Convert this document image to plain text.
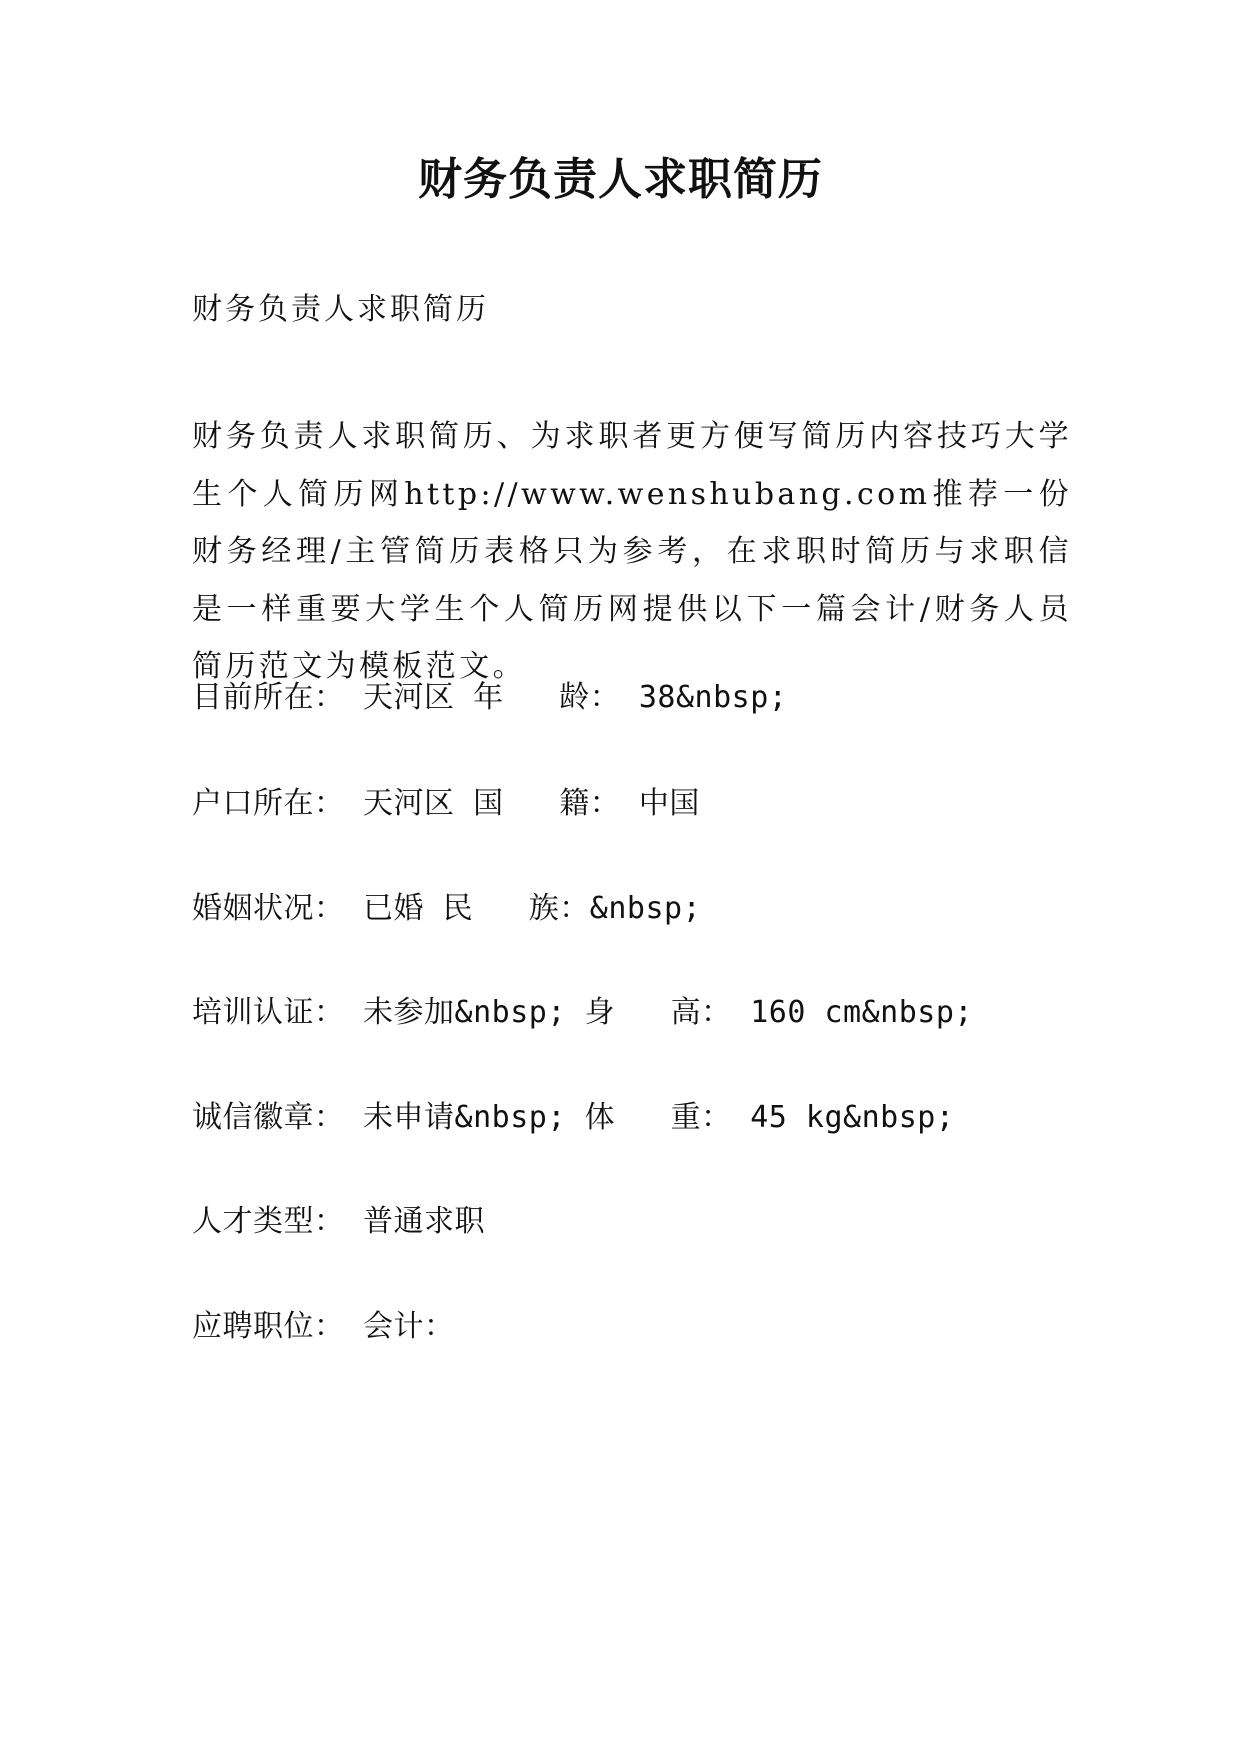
财务负责人求职简历

财务负责人求职简历

财务负责人求职简历、为求职者更方便写简历内容技巧大学生个人简历网http://www.wenshubang.com推荐一份财务经理/主管简历表格只为参考，在求职时简历与求职信是一样重要大学生个人简历网提供以下一篇会计/财务人员简历范文为模板范文。

目前所在： 天河区 年   龄： 38&nbsp;

户口所在： 天河区 国   籍： 中国

婚姻状况： 已婚 民   族：&nbsp;

培训认证： 未参加&nbsp; 身   高： 160 cm&nbsp;

诚信徽章： 未申请&nbsp; 体   重： 45 kg&nbsp;

人才类型： 普通求职

应聘职位： 会计：
